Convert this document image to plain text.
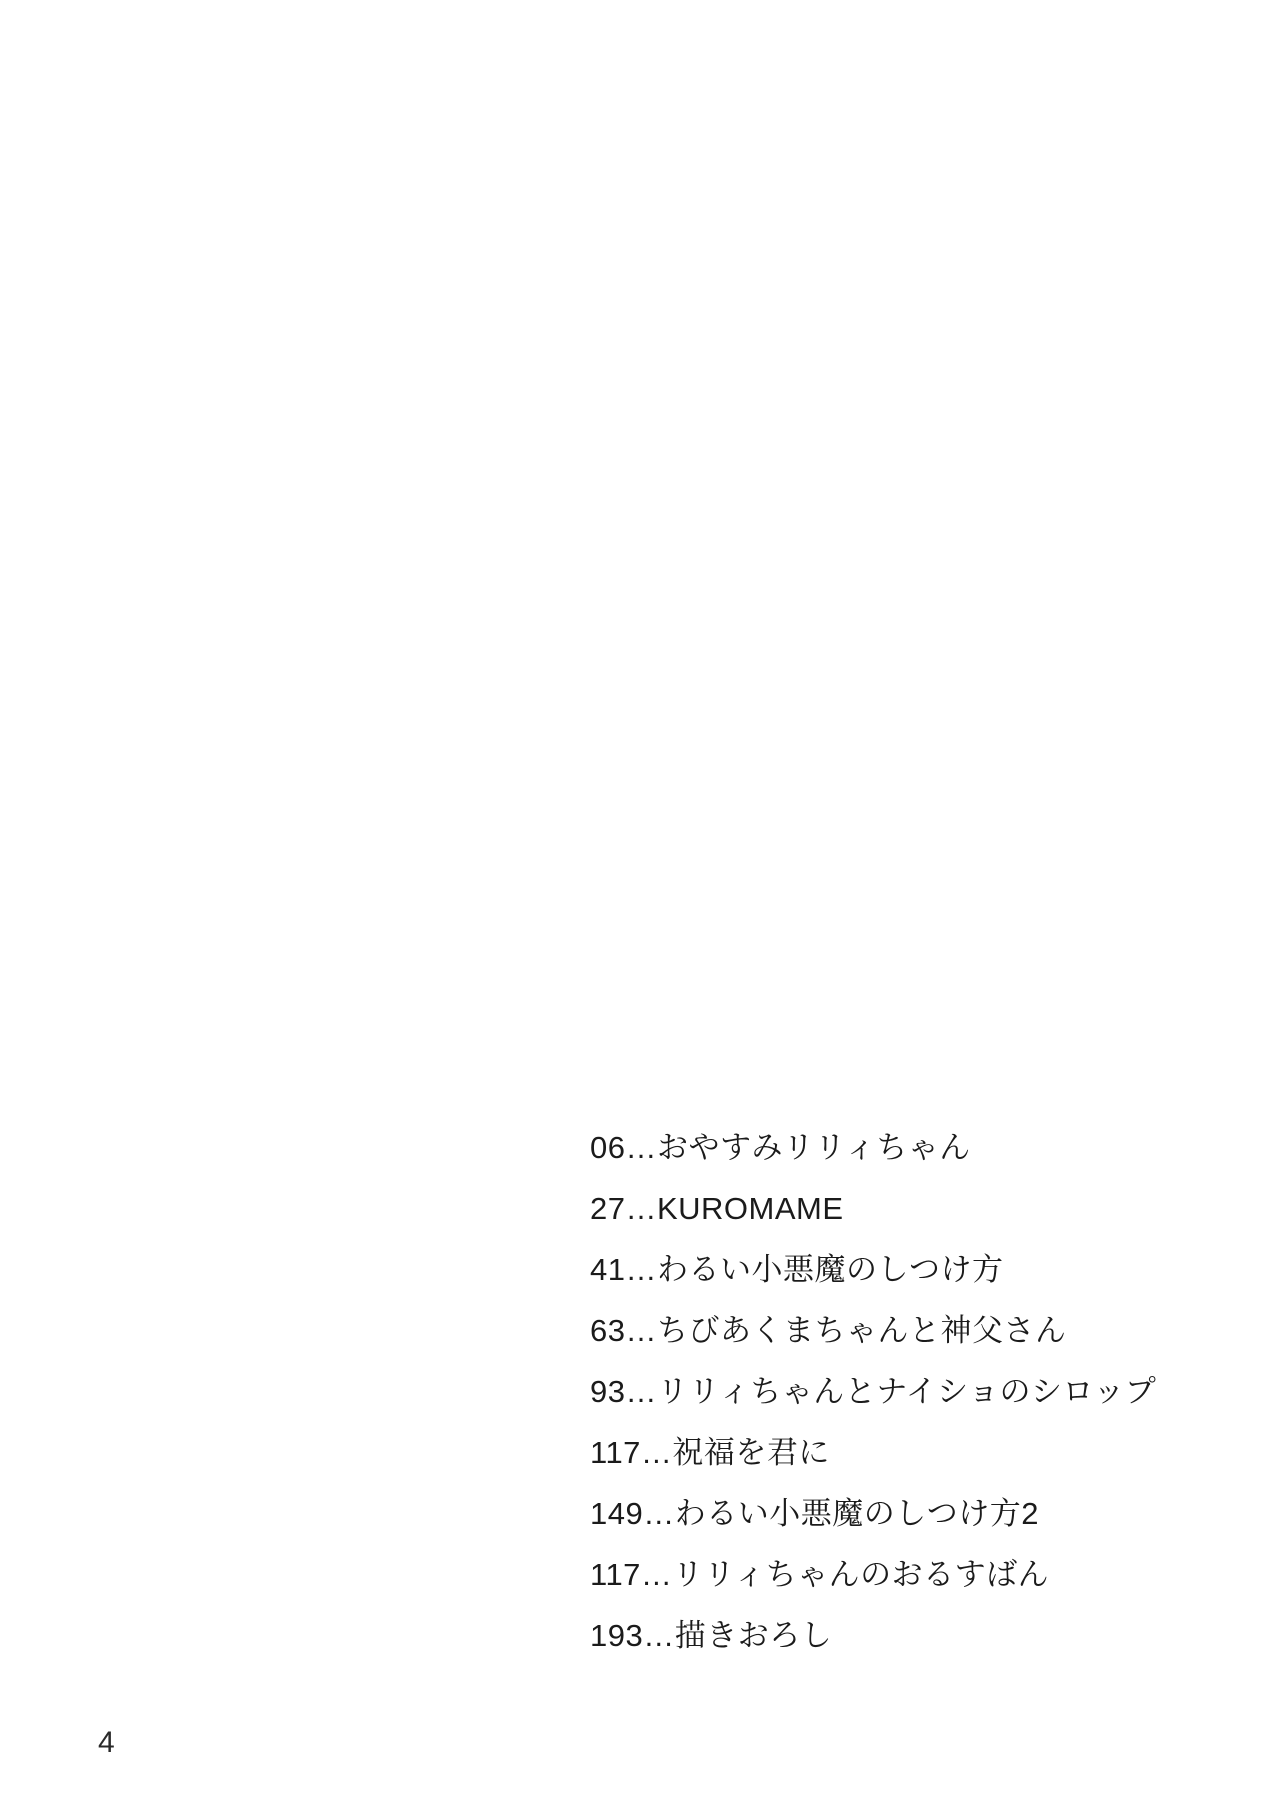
06…おやすみリリィちゃん
27…KUROMAME
41…わるい小悪魔のしつけ方
63…ちびあくまちゃんと神父さん
93…リリィちゃんとナイショのシロップ
117…祝福を君に
149…わるい小悪魔のしつけ方2
117…リリィちゃんのおるすばん
193…描きおろし
4
